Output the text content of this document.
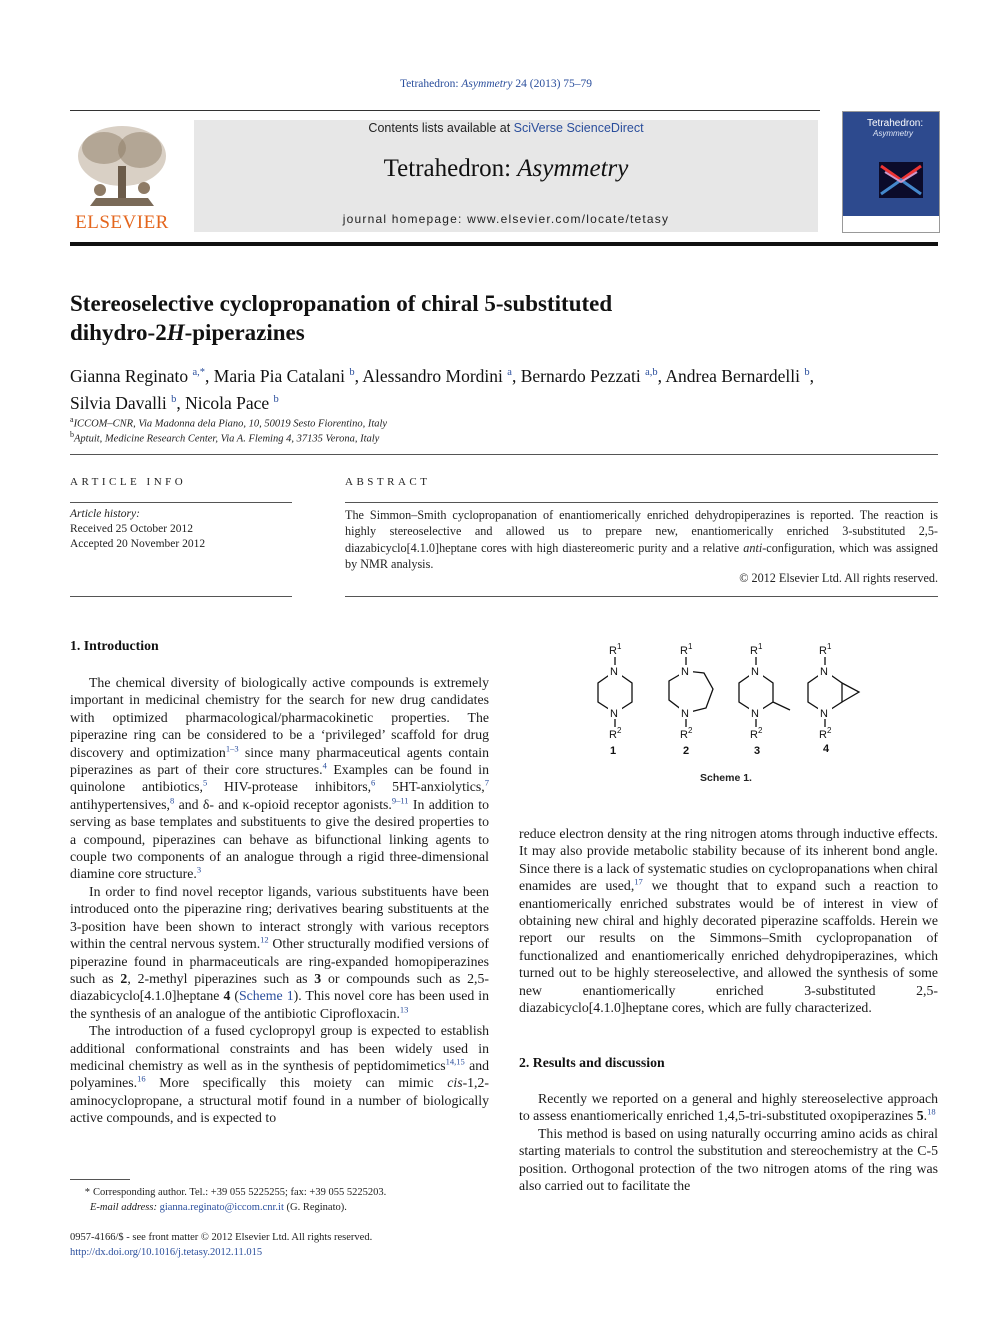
Tetrahedron: Asymmetry 24 (2013) 75–79
ELSEVIER
Contents lists available at SciVerse ScienceDirect
Tetrahedron: Asymmetry
journal homepage: www.elsevier.com/locate/tetasy
Tetrahedron:
Asymmetry
Stereoselective cyclopropanation of chiral 5-substituted
dihydro-2H-piperazines
Gianna Reginato $^{a,*}$, Maria Pia Catalani $^b$, Alessandro Mordini $^a$, Bernardo Pezzati $^{a,b}$, Andrea Bernardelli $^b$,
Silvia Davalli $^b$, Nicola Pace $^b$
$^a$ICCOM–CNR, Via Madonna dela Piano, 10, 50019 Sesto Fiorentino, Italy
$^b$Aptuit, Medicine Research Center, Via A. Fleming 4, 37135 Verona, Italy
ARTICLE INFO
Article history:
Received 25 October 2012
Accepted 20 November 2012
ABSTRACT
The Simmon–Smith cyclopropanation of enantiomerically enriched dehydropiperazines is reported. The reaction is highly stereoselective and allowed us to prepare new, enantiomerically enriched 3-substituted 2,5-diazabicyclo[4.1.0]heptane cores with high diastereomeric purity and a relative anti-configuration, which was assigned by NMR analysis.
© 2012 Elsevier Ltd. All rights reserved.
1. Introduction

The chemical diversity of biologically active compounds is extremely important in medicinal chemistry for the search for new drug candidates with optimized pharmacological/pharmacokinetic properties. The piperazine ring can be considered to be a ‘privileged’ scaffold for drug discovery and optimization$^{1-3}$ since many pharmaceutical agents contain piperazines as part of their core structures.$^4$ Examples can be found in quinolone antibiotics,$^5$ HIV-protease inhibitors,$^6$ 5HT-anxiolytics,$^7$ antihypertensives,$^8$ and δ- and κ-opioid receptor agonists.$^{9-11}$ In addition to serving as base templates and substituents to give the desired properties to a compound, piperazines can behave as bifunctional linking agents to couple two components of an analogue through a rigid three-dimensional diamine core structure.$^3$

In order to find novel receptor ligands, various substituents have been introduced onto the piperazine ring; derivatives bearing substituents at the 3-position have been shown to interact strongly with various receptors within the central nervous system.$^{12}$ Other structurally modified versions of piperazine found in pharmaceuticals are ring-expanded homopiperazines such as 2, 2-methyl piperazines such as 3 or compounds such as 2,5-diazabicyclo[4.1.0]heptane 4 (Scheme 1). This novel core has been used in the synthesis of an analogue of the antibiotic Ciprofloxacin.$^{13}$

The introduction of a fused cyclopropyl group is expected to establish additional conformational constraints and has been widely used in medicinal chemistry as well as in the synthesis of peptidomimetics$^{14,15}$ and polyamines.$^{16}$ More specifically this moiety can mimic cis-1,2-aminocyclopropane, a structural motif found in a number of biologically active compounds, and is expected to

N
N
R 1
R 2
N
N
R 1
R 2
N
N
R 1
R 2
N
N
R 1
R 2
1	2	3	4
Scheme 1.

reduce electron density at the ring nitrogen atoms through inductive effects. It may also provide metabolic stability because of its inherent bond angle. Since there is a lack of systematic studies on cyclopropanations when chiral enamides are used,$^{17}$ we thought that to expand such a reaction to enantiomerically enriched substrates would be of interest in view of obtaining new chiral and highly decorated piperazine scaffolds. Herein we report our results on the Simmons–Smith cyclopropanation of functionalized and enantiomerically enriched dehydropiperazines, which turned out to be highly stereoselective, and allowed the synthesis of some new enantiomerically enriched 3-substituted 2,5-diazabicyclo[4.1.0]heptane cores, which are fully characterized.

2. Results and discussion

Recently we reported on a general and highly stereoselective approach to assess enantiomerically enriched 1,4,5-tri-substituted oxopiperazines 5.18

This method is based on using naturally occurring amino acids as chiral starting materials to control the substitution and stereochemistry at the C-5 position. Orthogonal protection of the two nitrogen atoms of the ring was also carried out to facilitate the

* Corresponding author. Tel.: +39 055 5225255; fax: +39 055 5225203.
E-mail address: gianna.reginato@iccom.cnr.it (G. Reginato).
0957-4166/$ - see front matter © 2012 Elsevier Ltd. All rights reserved.
http://dx.doi.org/10.1016/j.tetasy.2012.11.015
